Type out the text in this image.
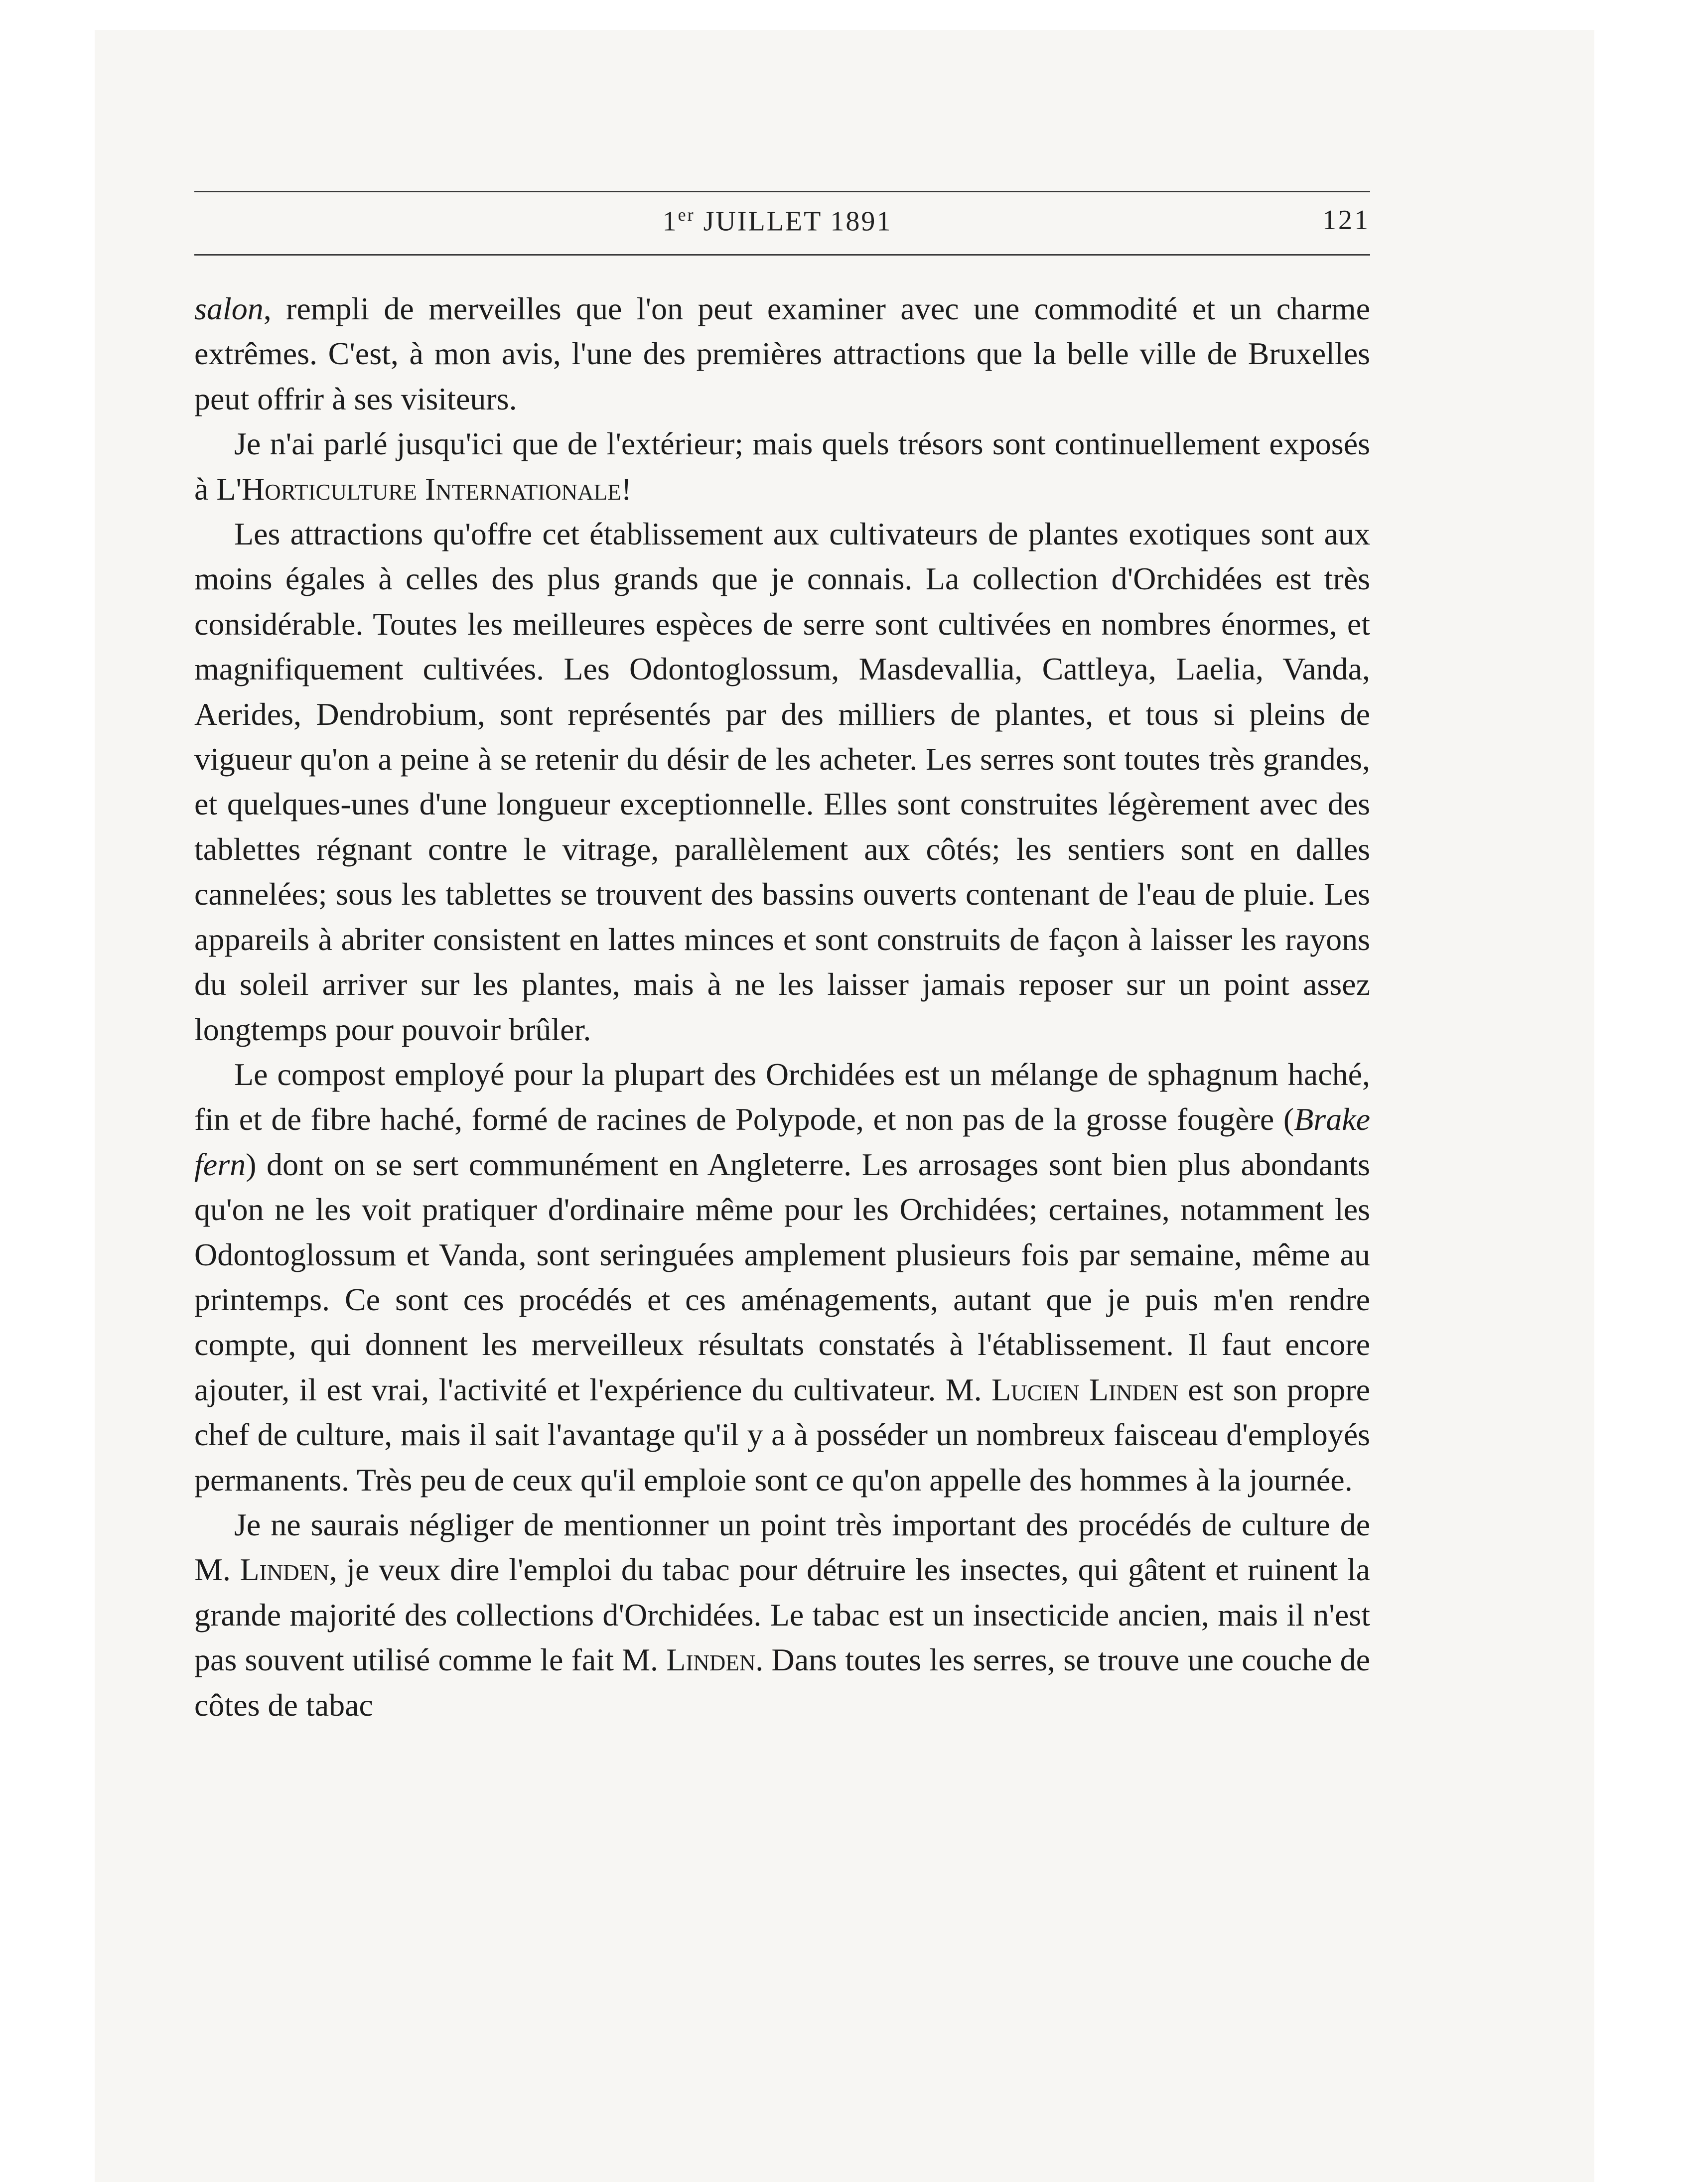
1er JUILLET 1891	121

salon, rempli de merveilles que l'on peut examiner avec une commodité et un charme extrêmes. C'est, à mon avis, l'une des premières attractions que la belle ville de Bruxelles peut offrir à ses visiteurs.

Je n'ai parlé jusqu'ici que de l'extérieur; mais quels trésors sont continuellement exposés à L'Horticulture Internationale!

Les attractions qu'offre cet établissement aux cultivateurs de plantes exotiques sont aux moins égales à celles des plus grands que je connais. La collection d'Orchidées est très considérable. Toutes les meilleures espèces de serre sont cultivées en nombres énormes, et magnifiquement cultivées. Les Odontoglossum, Masdevallia, Cattleya, Laelia, Vanda, Aerides, Dendrobium, sont représentés par des milliers de plantes, et tous si pleins de vigueur qu'on a peine à se retenir du désir de les acheter. Les serres sont toutes très grandes, et quelques-unes d'une longueur exceptionnelle. Elles sont construites légèrement avec des tablettes régnant contre le vitrage, parallèlement aux côtés; les sentiers sont en dalles cannelées; sous les tablettes se trouvent des bassins ouverts contenant de l'eau de pluie. Les appareils à abriter consistent en lattes minces et sont construits de façon à laisser les rayons du soleil arriver sur les plantes, mais à ne les laisser jamais reposer sur un point assez longtemps pour pouvoir brûler.

Le compost employé pour la plupart des Orchidées est un mélange de sphagnum haché, fin et de fibre haché, formé de racines de Polypode, et non pas de la grosse fougère (Brake fern) dont on se sert communément en Angleterre. Les arrosages sont bien plus abondants qu'on ne les voit pratiquer d'ordinaire même pour les Orchidées; certaines, notamment les Odontoglossum et Vanda, sont seringuées amplement plusieurs fois par semaine, même au printemps. Ce sont ces procédés et ces aménagements, autant que je puis m'en rendre compte, qui donnent les merveilleux résultats constatés à l'établissement. Il faut encore ajouter, il est vrai, l'activité et l'expérience du cultivateur. M. Lucien Linden est son propre chef de culture, mais il sait l'avantage qu'il y a à posséder un nombreux faisceau d'employés permanents. Très peu de ceux qu'il emploie sont ce qu'on appelle des hommes à la journée.

Je ne saurais négliger de mentionner un point très important des procédés de culture de M. Linden, je veux dire l'emploi du tabac pour détruire les insectes, qui gâtent et ruinent la grande majorité des collections d'Orchidées. Le tabac est un insecticide ancien, mais il n'est pas souvent utilisé comme le fait M. Linden. Dans toutes les serres, se trouve une couche de côtes de tabac
